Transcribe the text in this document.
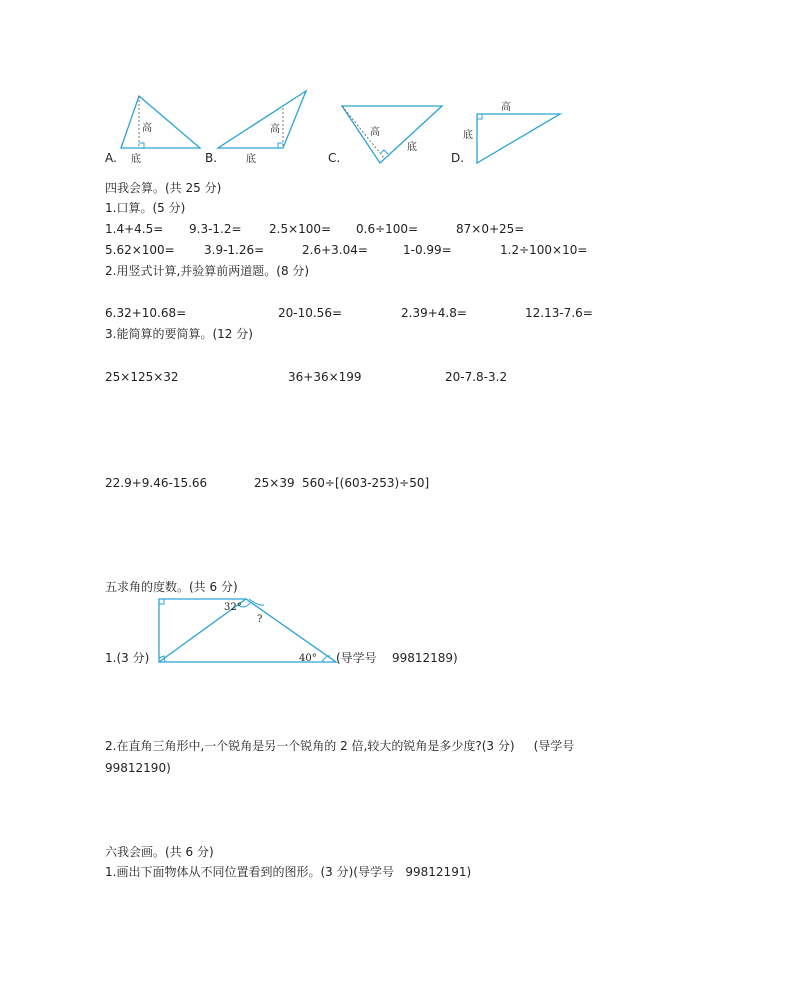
高
底
高
底
高
底
高
底
A.	B.	C.	D.
四我会算。(共 25 分)
1.口算。(5 分)
1.4+4.5= 9.3-1.2= 2.5×100= 0.6÷100=	87×0+25=
5.62×100= 3.9-1.26=	2.6+3.04=	1-0.99=	1.2÷100×10=
2.用竖式计算,并验算前两道题。(8 分)
6.32+10.68=	20-10.56=	2.39+4.8=	12.13-7.6=
3.能简算的要简算。(12 分)
25×125×32	36+36×199	20-7.8-3.2
22.9+9.46-15.66	25×39 560÷[(603-253)÷50]
五求角的度数。(共 6 分)
32°
?
40°
1.(3 分)	(导学号    99812189)
2.在直角三角形中,一个锐角是另一个锐角的 2 倍,较大的锐角是多少度?(3 分)     (导学号
99812190)
六我会画。(共 6 分)
1.画出下面物体从不同位置看到的图形。(3 分)(导学号   99812191)
